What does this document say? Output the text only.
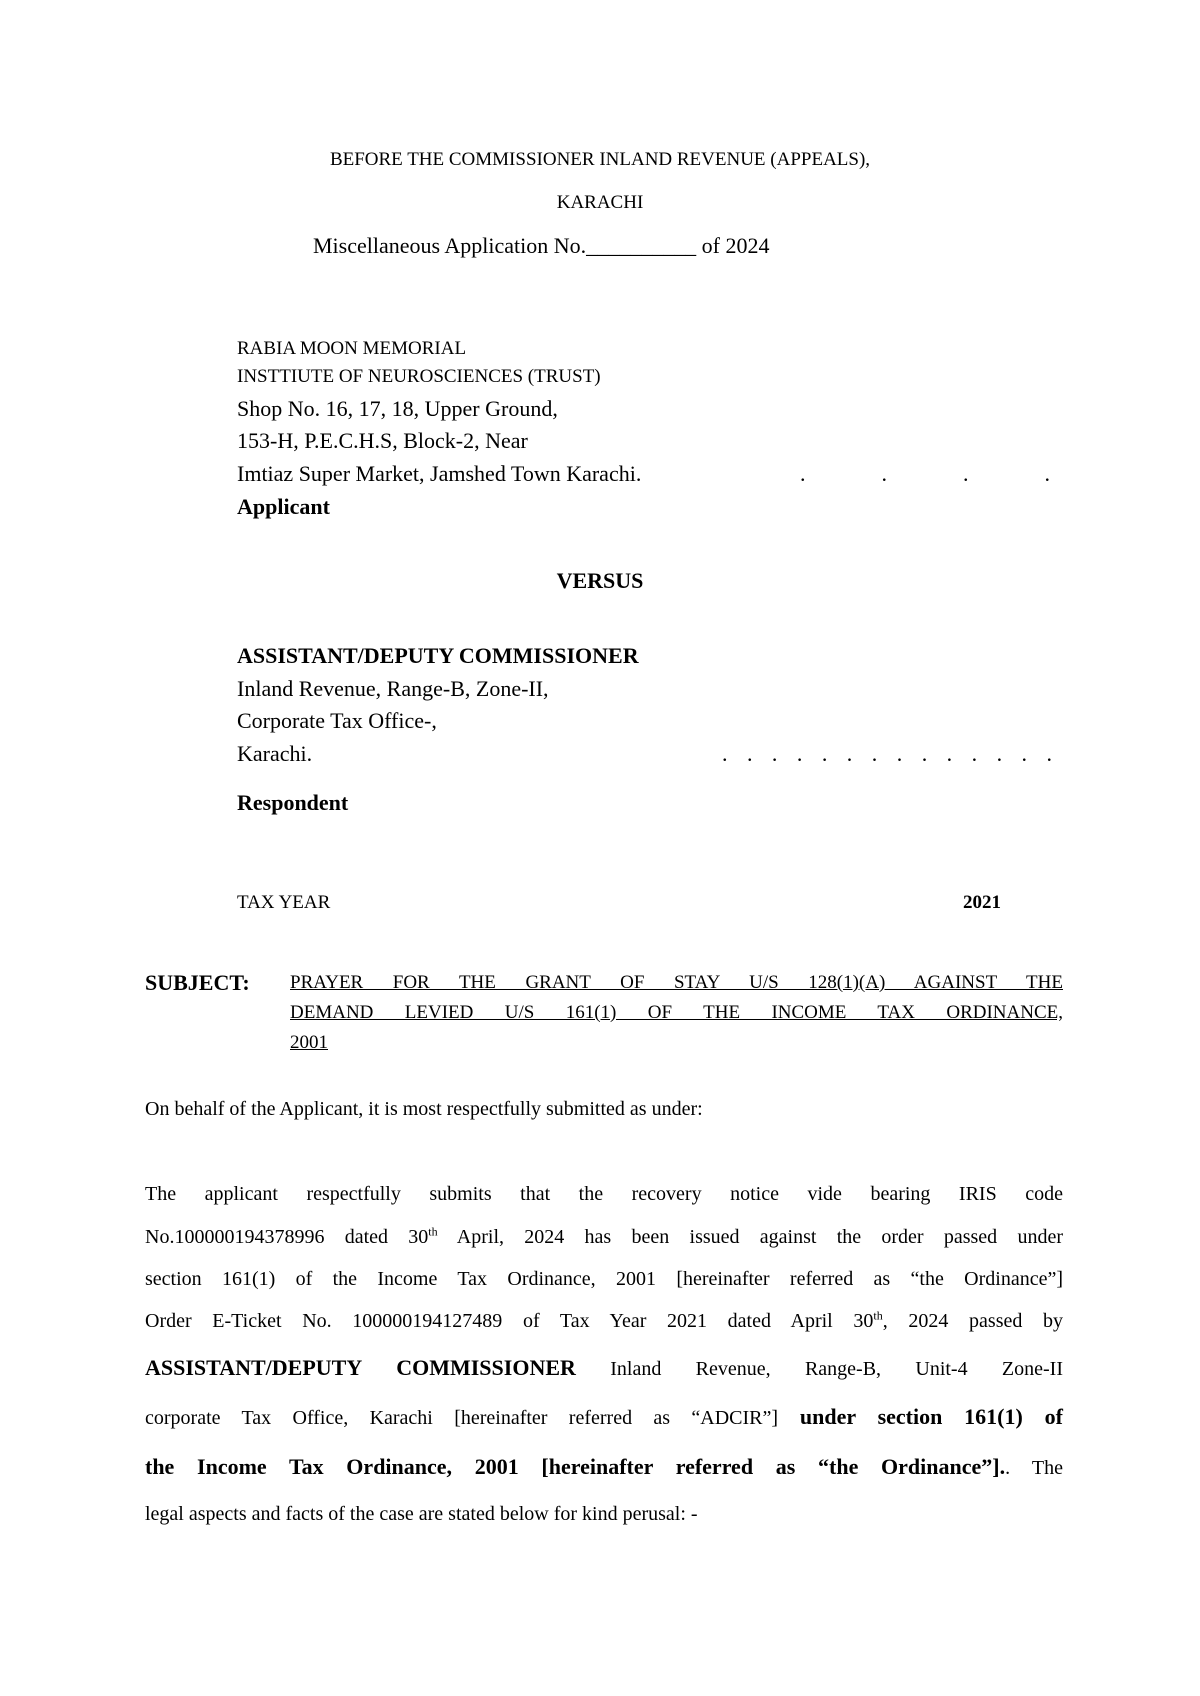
BEFORE THE COMMISSIONER INLAND REVENUE (APPEALS),
KARACHI
Miscellaneous Application No.__________ of 2024
RABIA MOON MEMORIAL
INSTTIUTE OF NEUROSCIENCES (TRUST)
Shop No. 16, 17, 18, Upper Ground,
153-H, P.E.C.H.S, Block-2, Near
Imtiaz Super Market, Jamshed Town Karachi.	. . . .
Applicant
VERSUS
ASSISTANT/DEPUTY COMMISSIONER
Inland Revenue, Range-B, Zone-II,
Corporate Tax Office-,
Karachi.	. . . . . . . . . . . . . .
Respondent
TAX YEAR	2021
SUBJECT: PRAYER FOR THE GRANT OF STAY U/S 128(1)(A) AGAINST THE
DEMAND LEVIED U/S 161(1) OF THE INCOME TAX ORDINANCE,
2001
On behalf of the Applicant, it is most respectfully submitted as under:
The applicant respectfully submits that the recovery notice vide bearing IRIS code
No.100000194378996 dated 30th April, 2024 has been issued against the order passed under
section 161(1) of the Income Tax Ordinance, 2001 [hereinafter referred as “the Ordinance”]
Order E-Ticket No. 100000194127489 of Tax Year 2021 dated April 30th, 2024 passed by
ASSISTANT/DEPUTY COMMISSIONER Inland Revenue, Range-B, Unit-4 Zone-II
corporate Tax Office, Karachi [hereinafter referred as “ADCIR”] under section 161(1) of
the Income Tax Ordinance, 2001 [hereinafter referred as “the Ordinance”].. The
legal aspects and facts of the case are stated below for kind perusal: -
